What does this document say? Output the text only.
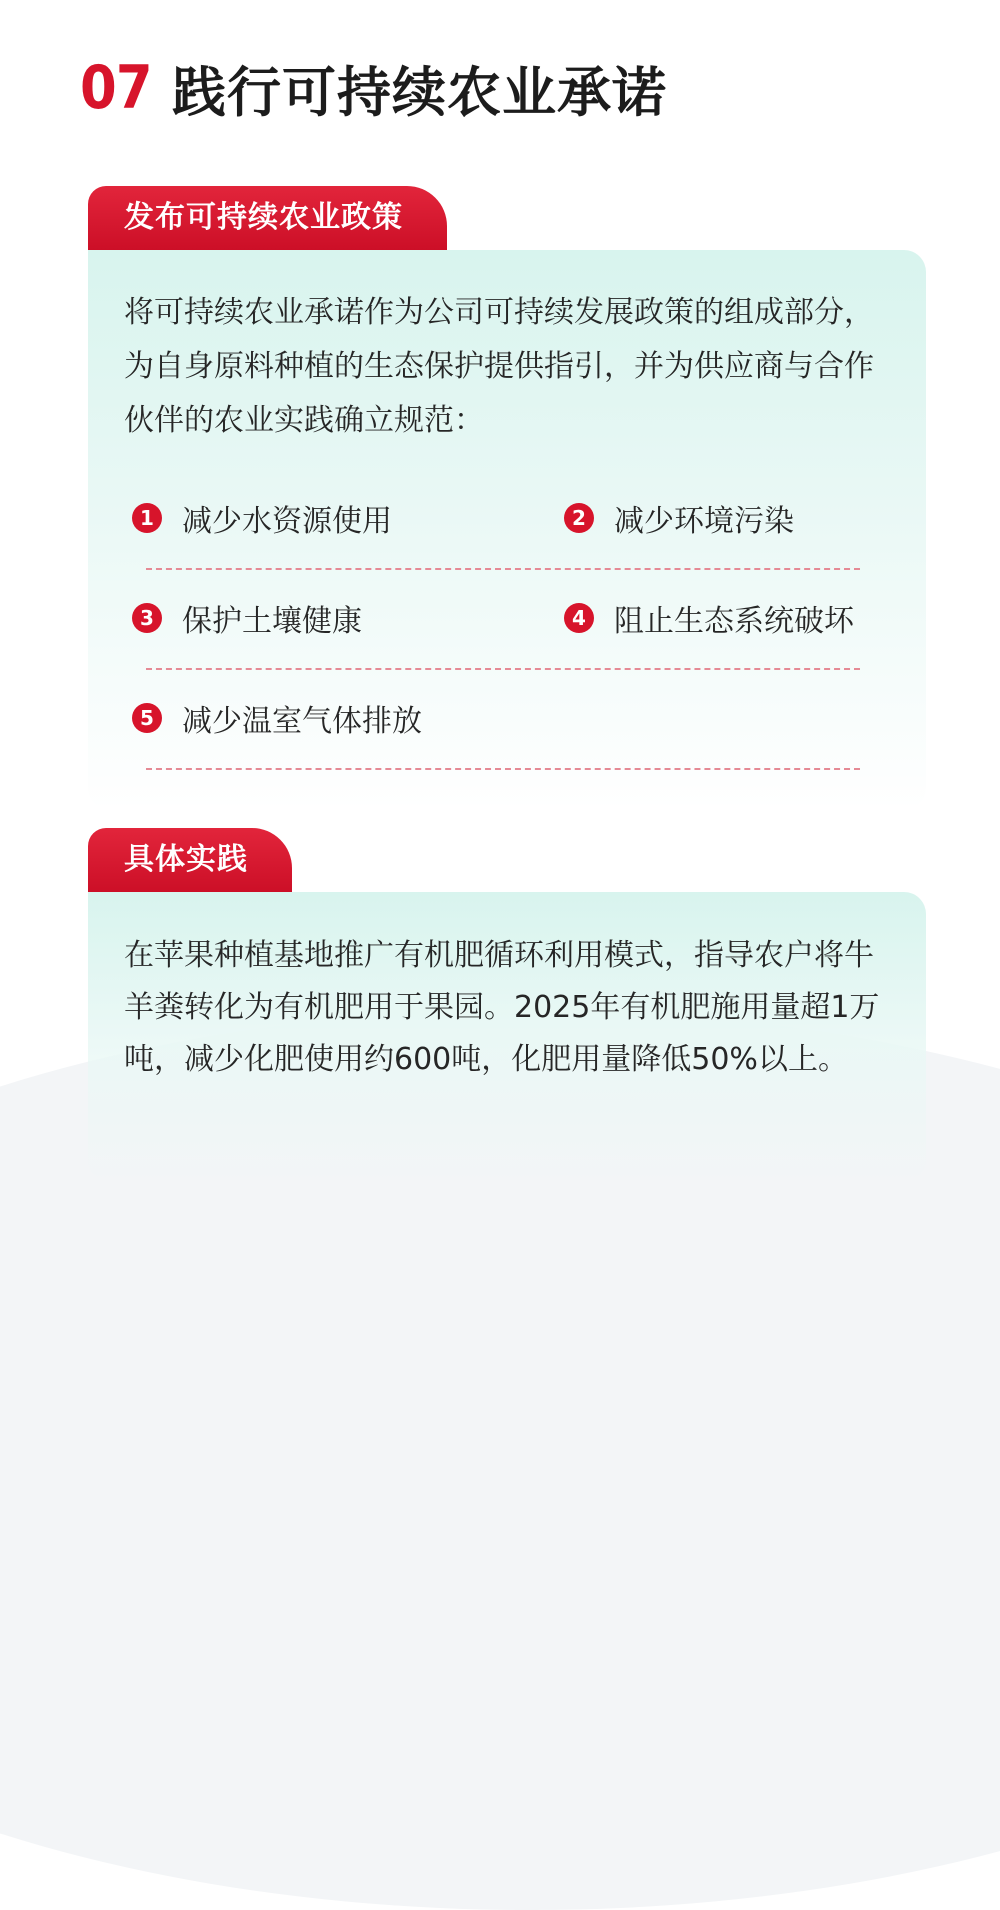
07 践行可持续农业承诺
发布可持续农业政策

将可持续农业承诺作为公司可持续发展政策的组成部分，为自身原料种植的生态保护提供指引，并为供应商与合作伙伴的农业实践确立规范：

1 减少水资源使用	2 减少环境污染
3 保护土壤健康	4 阻止生态系统破坏
5 减少温室气体排放
具体实践

在苹果种植基地推广有机肥循环利用模式，指导农户将牛羊粪转化为有机肥用于果园。2025年有机肥施用量超1万吨，减少化肥使用约600吨，化肥用量降低50%以上。
